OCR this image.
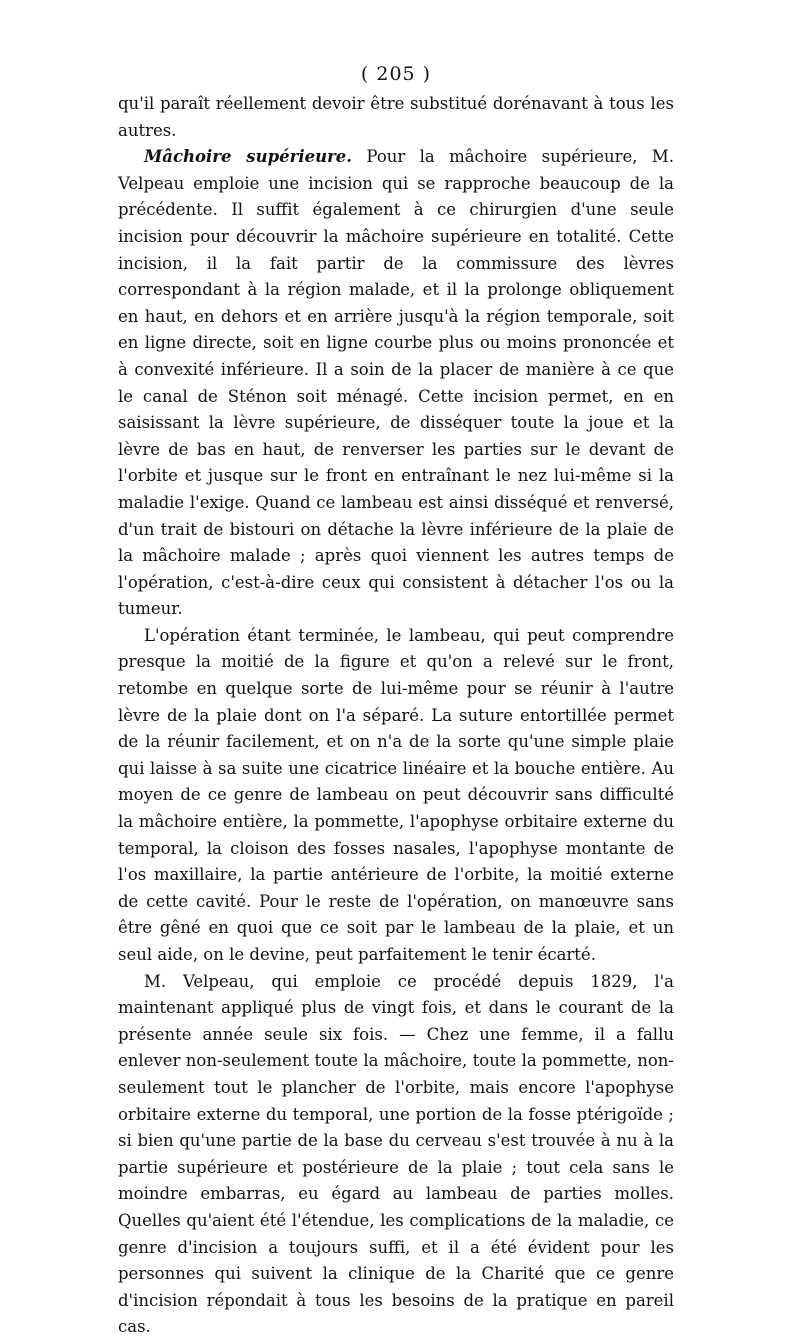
( 205 )

qu'il paraît réellement devoir être substitué dorénavant à tous les autres.

Mâchoire supérieure. Pour la mâchoire supérieure, M. Velpeau emploie une incision qui se rapproche beaucoup de la précédente. Il suffit également à ce chirurgien d'une seule incision pour découvrir la mâchoire supérieure en totalité. Cette incision, il la fait partir de la commissure des lèvres correspondant à la région malade, et il la prolonge obliquement en haut, en dehors et en arrière jusqu'à la région temporale, soit en ligne directe, soit en ligne courbe plus ou moins prononcée et à convexité inférieure. Il a soin de la placer de manière à ce que le canal de Sténon soit ménagé. Cette incision permet, en en saisissant la lèvre supérieure, de disséquer toute la joue et la lèvre de bas en haut, de renverser les parties sur le devant de l'orbite et jusque sur le front en entraînant le nez lui-même si la maladie l'exige. Quand ce lambeau est ainsi disséqué et renversé, d'un trait de bistouri on détache la lèvre inférieure de la plaie de la mâchoire malade ; après quoi viennent les autres temps de l'opération, c'est-à-dire ceux qui consistent à détacher l'os ou la tumeur.

L'opération étant terminée, le lambeau, qui peut comprendre presque la moitié de la figure et qu'on a relevé sur le front, retombe en quelque sorte de lui-même pour se réunir à l'autre lèvre de la plaie dont on l'a séparé. La suture entortillée permet de la réunir facilement, et on n'a de la sorte qu'une simple plaie qui laisse à sa suite une cicatrice linéaire et la bouche entière. Au moyen de ce genre de lambeau on peut découvrir sans difficulté la mâchoire entière, la pommette, l'apophyse orbitaire externe du temporal, la cloison des fosses nasales, l'apophyse montante de l'os maxillaire, la partie antérieure de l'orbite, la moitié externe de cette cavité. Pour le reste de l'opération, on manœuvre sans être gêné en quoi que ce soit par le lambeau de la plaie, et un seul aide, on le devine, peut parfaitement le tenir écarté.

M. Velpeau, qui emploie ce procédé depuis 1829, l'a maintenant appliqué plus de vingt fois, et dans le courant de la présente année seule six fois. — Chez une femme, il a fallu enlever non-seulement toute la mâchoire, toute la pommette, non-seulement tout le plancher de l'orbite, mais encore l'apophyse orbitaire externe du temporal, une portion de la fosse ptérigoïde ; si bien qu'une partie de la base du cerveau s'est trouvée à nu à la partie supérieure et postérieure de la plaie ; tout cela sans le moindre embarras, eu égard au lambeau de parties molles. Quelles qu'aient été l'étendue, les complications de la maladie, ce genre d'incision a toujours suffi, et il a été évident pour les personnes qui suivent la clinique de la Charité que ce genre d'incision répondait à tous les besoins de la pratique en pareil cas.
